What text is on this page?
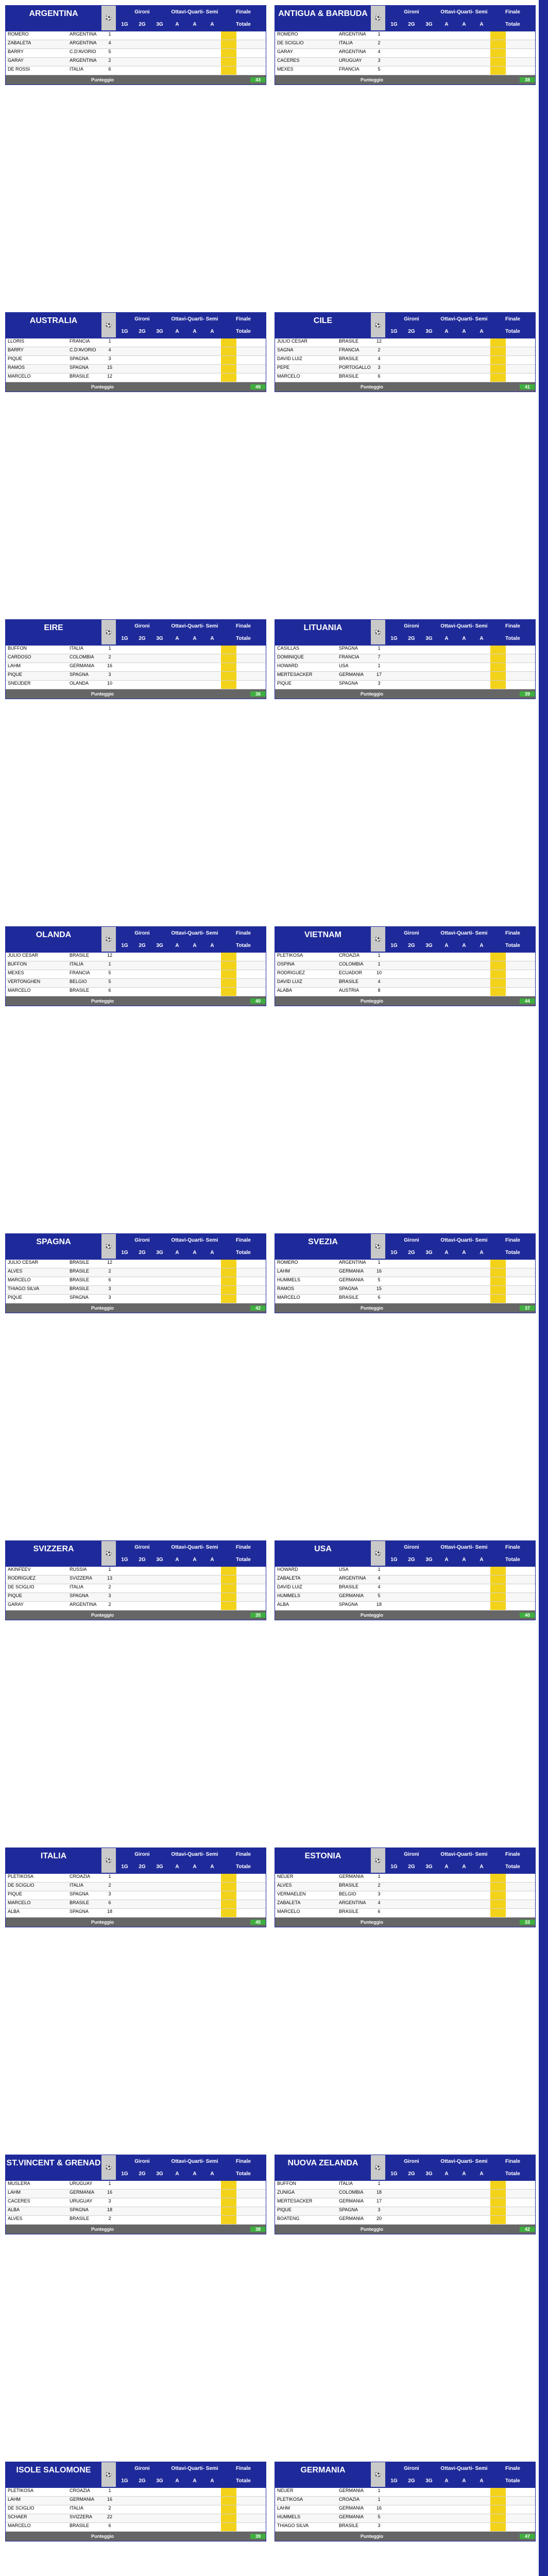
ARGENTINA	⚽
Gironi	Ottavi-Quarti- Semi	Finale
1G	2G	3G	A	A	A	Totale
ROMERO	ARGENTINA	1
ZABALETA	ARGENTINA	4
BARRY	C.D'AVORIO	5
GARAY	ARGENTINA	2
DE ROSSI	ITALIA	6
Punteggio	43
ANTIGUA & BARBUDA	⚽
Gironi	Ottavi-Quarti- Semi	Finale
1G	2G	3G	A	A	A	Totale
ROMERO	ARGENTINA	1
DE SCIGLIO	ITALIA	2
GARAY	ARGENTINA	4
CACERES	URUGUAY	3
MEXES	FRANCIA	5
Punteggio	38
AUSTRALIA	⚽
Gironi	Ottavi-Quarti- Semi	Finale
1G	2G	3G	A	A	A	Totale
LLORIS	FRANCIA	1
BARRY	C.D'AVORIO	4
PIQUE	SPAGNA	3
RAMOS	SPAGNA	15
MARCELO	BRASILE	12
Punteggio	49
CILE	⚽
Gironi	Ottavi-Quarti- Semi	Finale
1G	2G	3G	A	A	A	Totale
JULIO CESAR	BRASILE	12
SAGNA	FRANCIA	2
DAVID LUIZ	BRASILE	4
PEPE	PORTOGALLO	3
MARCELO	BRASILE	6
Punteggio	41
EIRE	⚽
Gironi	Ottavi-Quarti- Semi	Finale
1G	2G	3G	A	A	A	Totale
BUFFON	ITALIA	1
CARDOSO	COLOMBIA	2
LAHM	GERMANIA	16
PIQUE	SPAGNA	3
SNEIJDER	OLANDA	10
Punteggio	36
LITUANIA	⚽
Gironi	Ottavi-Quarti- Semi	Finale
1G	2G	3G	A	A	A	Totale
CASILLAS	SPAGNA	1
DOMINIQUE	FRANCIA	7
HOWARD	USA	1
MERTESACKER	GERMANIA	17
PIQUE	SPAGNA	3
Punteggio	39
OLANDA	⚽
Gironi	Ottavi-Quarti- Semi	Finale
1G	2G	3G	A	A	A	Totale
JULIO CESAR	BRASILE	12
BUFFON	ITALIA	1
MEXES	FRANCIA	5
VERTONGHEN	BELGIO	5
MARCELO	BRASILE	6
Punteggio	40
VIETNAM	⚽
Gironi	Ottavi-Quarti- Semi	Finale
1G	2G	3G	A	A	A	Totale
PLETIKOSA	CROAZIA	1
OSPINA	COLOMBIA	1
RODRIGUEZ	ECUADOR	10
DAVID LUIZ	BRASILE	4
ALABA	AUSTRIA	8
Punteggio	44
SPAGNA	⚽
Gironi	Ottavi-Quarti- Semi	Finale
1G	2G	3G	A	A	A	Totale
JULIO CESAR	BRASILE	12
ALVES	BRASILE	2
MARCELO	BRASILE	6
THIAGO SILVA	BRASILE	3
PIQUE	SPAGNA	3
Punteggio	42
SVEZIA	⚽
Gironi	Ottavi-Quarti- Semi	Finale
1G	2G	3G	A	A	A	Totale
ROMERO	ARGENTINA	1
LAHM	GERMANIA	16
HUMMELS	GERMANIA	5
RAMOS	SPAGNA	15
MARCELO	BRASILE	6
Punteggio	37
SVIZZERA	⚽
Gironi	Ottavi-Quarti- Semi	Finale
1G	2G	3G	A	A	A	Totale
AKINFEEV	RUSSIA	1
RODRIGUEZ	SVIZZERA	13
DE SCIGLIO	ITALIA	2
PIQUE	SPAGNA	3
GARAY	ARGENTINA	2
Punteggio	35
USA	⚽
Gironi	Ottavi-Quarti- Semi	Finale
1G	2G	3G	A	A	A	Totale
HOWARD	USA	1
ZABALETA	ARGENTINA	4
DAVID LUIZ	BRASILE	4
HUMMELS	GERMANIA	5
ALBA	SPAGNA	18
Punteggio	40
ITALIA	⚽
Gironi	Ottavi-Quarti- Semi	Finale
1G	2G	3G	A	A	A	Totale
PLETIKOSA	CROAZIA	1
DE SCIGLIO	ITALIA	2
PIQUE	SPAGNA	3
MARCELO	BRASILE	6
ALBA	SPAGNA	18
Punteggio	45
ESTONIA	⚽
Gironi	Ottavi-Quarti- Semi	Finale
1G	2G	3G	A	A	A	Totale
NEUER	GERMANIA	1
ALVES	BRASILE	2
VERMAELEN	BELGIO	3
ZABALETA	ARGENTINA	4
MARCELO	BRASILE	6
Punteggio	33
ST.VINCENT & GRENAD ⚽
Gironi	Ottavi-Quarti- Semi	Finale
1G	2G	3G	A	A	A	Totale
MUSLERA	URUGUAY	1
LAHM	GERMANIA	16
CACERES	URUGUAY	3
ALBA	SPAGNA	18
ALVES	BRASILE	2
Punteggio	38
NUOVA ZELANDA	⚽
Gironi	Ottavi-Quarti- Semi	Finale
1G	2G	3G	A	A	A	Totale
BUFFON	ITALIA	1
ZUNIGA	COLOMBIA	18
MERTESACKER	GERMANIA	17
PIQUE	SPAGNA	3
BOATENG	GERMANIA	20
Punteggio	42
ISOLE SALOMONE	⚽
Gironi	Ottavi-Quarti- Semi	Finale
1G	2G	3G	A	A	A	Totale
PLETIKOSA	CROAZIA	1
LAHM	GERMANIA	16
DE SCIGLIO	ITALIA	2
SCHAER	SVIZZERA	22
MARCELO	BRASILE	6
Punteggio	39
GERMANIA	⚽
Gironi	Ottavi-Quarti- Semi	Finale
1G	2G	3G	A	A	A	Totale
NEUER	GERMANIA	1
PLETIKOSA	CROAZIA	1
LAHM	GERMANIA	16
HUMMELS	GERMANIA	5
THIAGO SILVA	BRASILE	3
Punteggio	47
